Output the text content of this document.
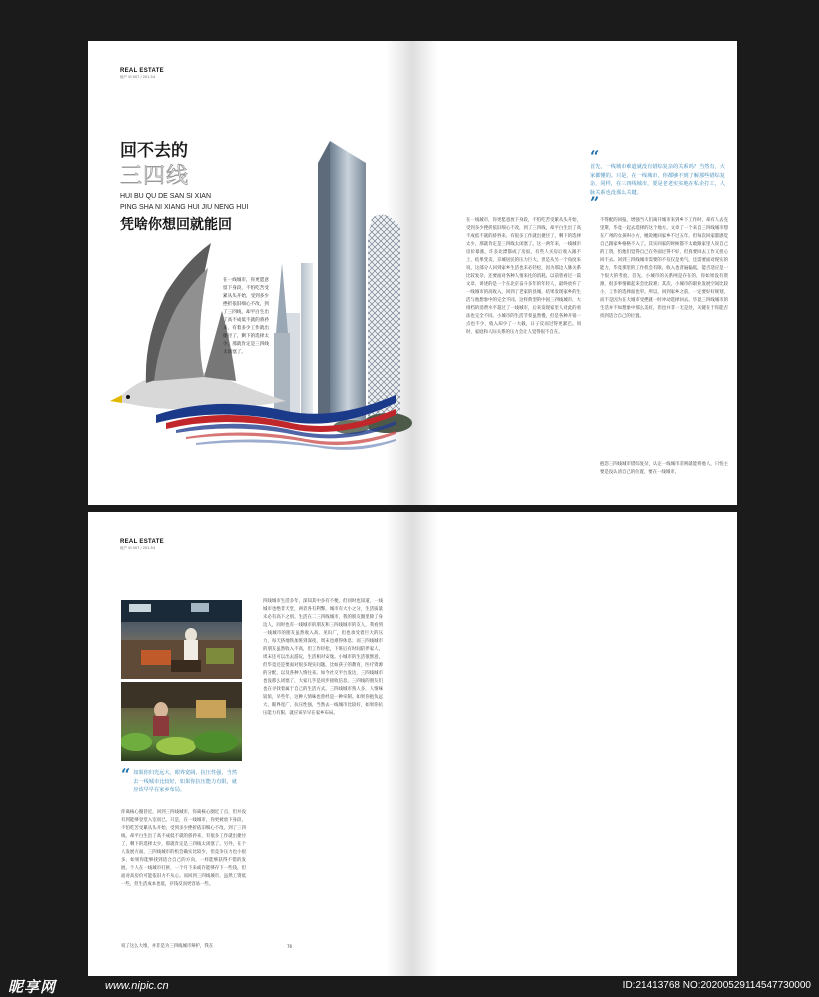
REAL ESTATE
地产 VI 007 / 201.54
回不去的
三四线
HUI BU QU DE SAN SI XIAN
PING SHA NI XIANG HUI JIU NENG HUI
凭啥你想回就能回
在一线城市，你更愿意留下身段，不怕吃苦受累从头开始，受到多少挫折依旧细心不改，到了三四线，却平白生出了高不成低不就的骄矜来，有着多少工作就出捷径了，剩下的选择太少，那就肯定是三四线太闭塞了。
“
首先，一线城市难道就没有错综复杂的关系吗？当然有，大家都懂的。只是，在一线城市，你都够不到了解那些错综复杂，同样，在三四线城市，要是老老实实地在私企打工，人脉关系也没那么关键。
”
在一线城市，你更愿意放下身段，不怕吃苦受累从头开始，受到多少挫折依旧细心不改，到了三四线，却平白生出了高不成低不就的骄矜来，有很多工作就出捷径了，剩下的选择太少，那就肯定是三四线太闭塞了。这一两年来，一线城市房价暴涨，许多北漂都成了房奴，有些人买房后收入跟不上，结果变卖，京城居民的压力巨大。但是从另一个角度来说，这部分人回到家乡生活也未必轻松，因为那边人脉关系比较复杂，还要面对各种人情来往的消耗。以前曾看过一篇文章，讲述的是一个在北京奋斗多年的年轻人，最终放弃了一线城市的高收入，回到了老家的县城，结果发现家乡的生活与他想象中的完全不同。这样典型的中国三四线城市，大排档的消费水平超过了一线城市，后来发现家里人对此的看法也完全不同。小城市的生活节奏虽然慢，但是各种开销一点也不少，收入却少了一大截，日子反而过得更紧巴。同时，家庭和人际关系的压力会让人觉得很不自在。
不得配的回报，增强当人们离开城市来到乡下工作时，却有人去克里斯，毕竟一起去选择的这个地方。文章了一个来自三四线城市想在广州的女孩叫小方，她说她回家乡不过五年，但每次回家都感觉自己跟家乡格格不入了。其实回家的时候都不太敢跟家里人说自己的工资，怕他们觉得自己在外面过得不好，但真要回去工作又担心回不去。回到三四线城市需要的不仅仅是勇气，还需要面对现实的能力，毕竟那里的工作机会有限，收入也普遍偏低，能否适应是一个很大的考验。首先，小城市的关系网是存在的，你如果没有资源，很多事情做起来会比较难；其次，小城市的职业发展空间比较小，工作的选择面也窄。所以，回到家乡之前，一定要好好规划，而不是因为在大城市受挫就一时冲动选择回去。毕竟三四线城市的生活并不如想象中那么美好，但也并非一无是处，关键在于你能否找到适合自己的位置。
抱怨三四线城市错综复杂，认定一线城市差则就能将他人，只怕主要是没认清自己的位置，要在一线城市，
REAL ESTATE
地产 VI 007 / 201.54
“ 如果你归光远大，眼界宽阔，抗压性强，当然去一线城市比较好，如果你抗压能力有限，就应该早早在家乡布局。
你离核心圈甚近，回到三四线城市，你离核心圈近了点，但并没有到能够登堂入室而已，只是，在一线城市，你更被放下身段，不怕吃苦受累从头开始，受到多少挫折依旧细心不改，到了三四线，却平白生出了高不成低不就的骄矜来，有很多工作就出捷径了，剩下的选择太少，那就肯定是三四线太闭塞了。另外，在个人发展方面，三四线城市的机会确实比较少，但竞争压力也小很多，如果你能够找到适合自己的方向，一样能够获得不错的发展。个人在一线城市打拼，一个月下来或许能够存下一些钱，但面对高房价可能依旧力不从心。而回到三四线城市，虽然工资低一些，但生活成本也低，存钱反而更容易一些。
说了这么大堆，并非是为三四线城市辩护，我在
四线城市生活多年，深知其中多有不便，但同时也知道，一线城市也绝非天堂，两者各有利弊。城市有大小之分，生活质量未必有高下之别。生活在二三四线城市，我的朋友圈里除了身边人，同时也有一线城市的朋友和三四线城市的友人，我看到一线城市的朋友虽然收入高、见识广，但也承受着巨大的压力，每天挤地铁加班到深夜，周末也难得休息；而三四线城市的朋友虽然收入不高，但工作轻松，下班后有时间陪伴家人，周末还可以出去游玩，生活相对安逸。小城市的生活很惬意，但毕竟还是要面对很多现实问题。比如孩子的教育，医疗资源的分配，以及各种人情往来。如今社交平台发达，三四线城市也没那么闭塞了，大家几乎是同步接收信息，三四线的朋友们也在寻找着属于自己的生活方式。三四线城市熟人多，人情味较浓，早些年，这种人情味也曾经是一种牵制。如果你抱负远大，眼界宽广，抗压性强，当然去一线城市比较好，如果你抗压能力有限，就应该早早在家乡布局。
76
昵享网	www.nipic.cn	ID:21413768 NO:20200529114547730000
